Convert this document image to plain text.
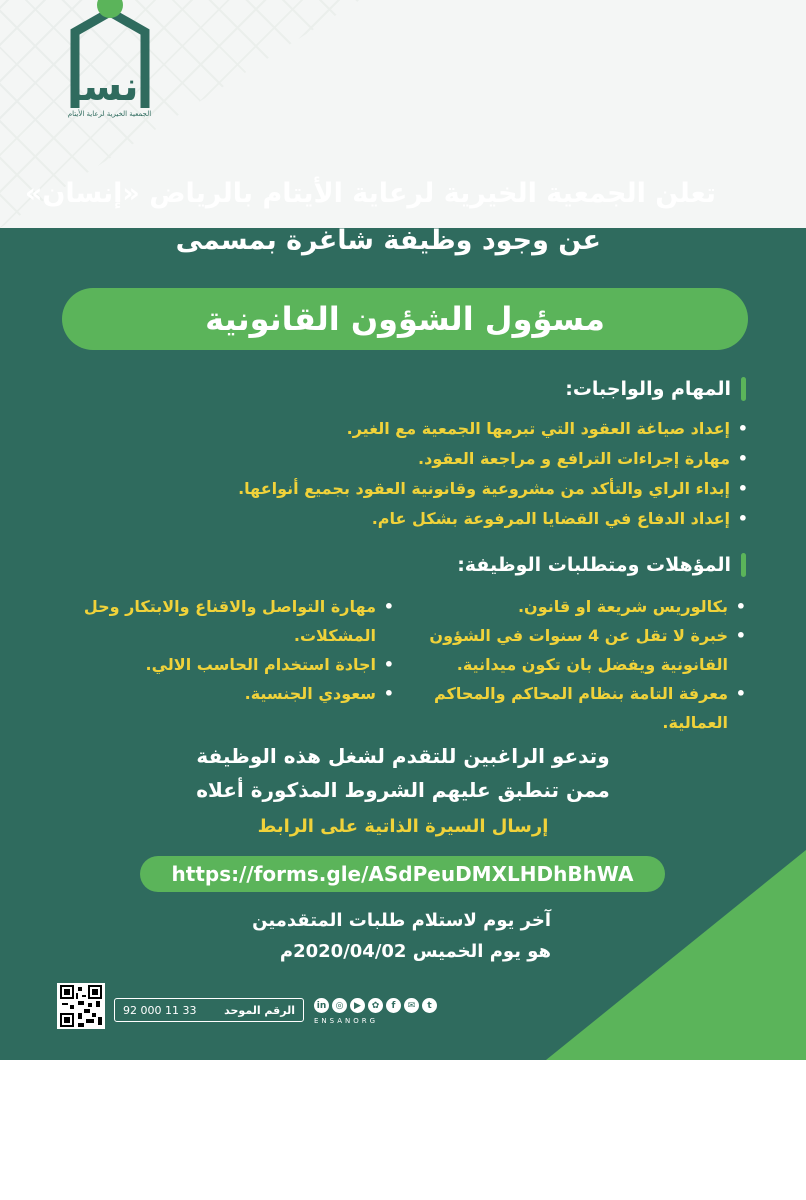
انسا
الجمعية الخيرية لرعاية الأيتام
تعلن الجمعية الخيرية لرعاية الأيتام بالرياض «إنسان»
عن وجود وظيفة شاغرة بمسمى
مسؤول الشؤون القانونية
المهام والواجبات:
• إعداد صياغة العقود التي تبرمها الجمعية مع الغير.
• مهارة إجراءات الترافع و مراجعة العقود.
• إبداء الراي والتأكد من مشروعية وقانونية العقود بجميع أنواعها.
• إعداد الدفاع في القضايا المرفوعة بشكل عام.
المؤهلات ومتطلبات الوظيفة:
• بكالوريس شريعة او قانون.
• خبرة لا تقل عن 4 سنوات في الشؤون القانونية ويفضل بان تكون ميدانية.
• معرفة التامة بنظام المحاكم والمحاكم العمالية.
• مهارة التواصل والاقناع والابتكار وحل المشكلات.
• اجادة استخدام الحاسب الالي.
• سعودي الجنسية.
وتدعو الراغبين للتقدم لشغل هذه الوظيفة
ممن تنطبق عليهم الشروط المذكورة أعلاه
إرسال السيرة الذاتية على الرابط
https://forms.gle/ASdPeuDMXLHDhBhWA
آخر يوم لاستلام طلبات المتقدمين
هو يوم الخميس 2020/04/02م
92 000 11 33	الرقم الموحد	in	◎	▶	✿	f	✉	t
ENSANORG
